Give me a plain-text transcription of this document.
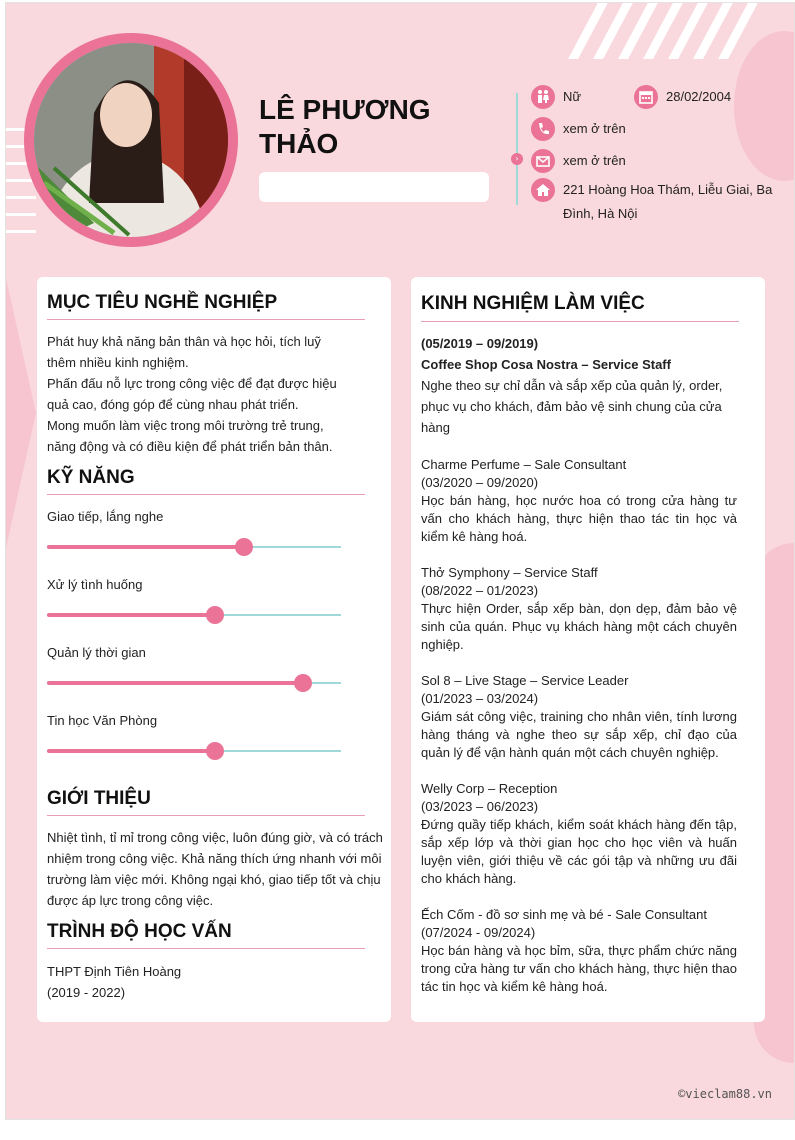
LÊ PHƯƠNG
THẢO	›
Nữ	28/02/2004
xem ở trên
xem ở trên
221 Hoàng Hoa Thám, Liễu Giai, Ba
Đình, Hà Nội
MỤC TIÊU NGHỀ NGHIỆP
Phát huy khả năng bản thân và học hỏi, tích luỹ
thêm nhiều kinh nghiệm.
Phấn đấu nỗ lực trong công việc để đạt được hiệu
quả cao, đóng góp để cùng nhau phát triển.
Mong muốn làm việc trong môi trường trẻ trung,
năng động và có điều kiện để phát triển bản thân.
KỸ NĂNG
Giao tiếp, lắng nghe
Xử lý tình huống
Quản lý thời gian
Tin học Văn Phòng
GIỚI THIỆU
Nhiệt tình, tỉ mỉ trong công việc, luôn đúng giờ, và có trách
nhiệm trong công việc. Khả năng thích ứng nhanh với môi
trường làm việc mới. Không ngại khó, giao tiếp tốt và chịu
được áp lực trong công việc.
TRÌNH ĐỘ HỌC VẤN
THPT Định Tiên Hoàng
(2019 - 2022)
KINH NGHIỆM LÀM VIỆC
(05/2019 – 09/2019)
Coffee Shop Cosa Nostra – Service Staff
Nghe theo sự chỉ dẫn và sắp xếp của quản lý, order, phục vụ cho khách, đảm bảo vệ sinh chung của cửa hàng
Charme Perfume – Sale Consultant
(03/2020 – 09/2020)
Học bán hàng, học nước hoa có trong cửa hàng tư vấn cho khách hàng, thực hiện thao tác tin học và kiểm kê hàng hoá.
Thở Symphony – Service Staff
(08/2022 – 01/2023)
Thực hiện Order, sắp xếp bàn, dọn dẹp, đảm bảo vệ sinh của quán. Phục vụ khách hàng một cách chuyên nghiệp.
Sol 8 – Live Stage – Service Leader
(01/2023 – 03/2024)
Giám sát công việc, training cho nhân viên, tính lương hàng tháng và nghe theo sự sắp xếp, chỉ đạo của quản lý để vận hành quán một cách chuyên nghiệp.
Welly Corp – Reception
(03/2023 – 06/2023)
Đứng quầy tiếp khách, kiểm soát khách hàng đến tập, sắp xếp lớp và thời gian học cho học viên và huấn luyện viên, giới thiệu về các gói tập và những ưu đãi cho khách hàng.
Ếch Cốm - đồ sơ sinh mẹ và bé - Sale Consultant
(07/2024 - 09/2024)
Học bán hàng và học bỉm, sữa, thực phẩm chức năng trong cửa hàng tư vấn cho khách hàng, thực hiện thao tác tin học và kiểm kê hàng hoá.
©vieclam88.vn
